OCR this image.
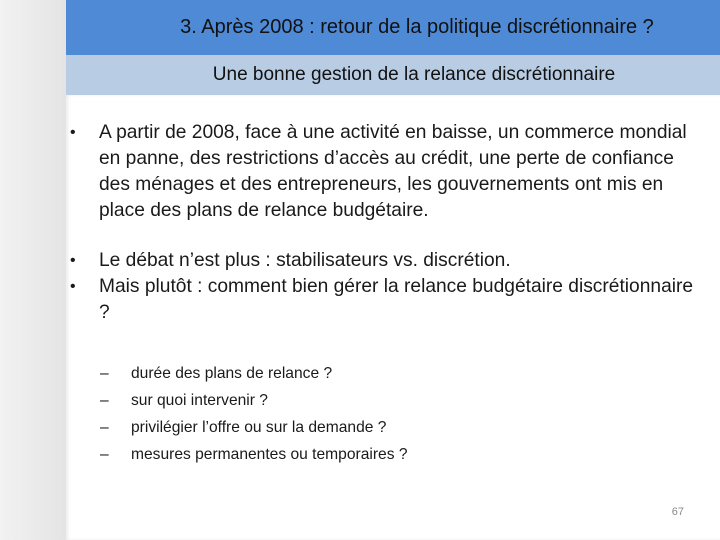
3. Après 2008 : retour de la politique discrétionnaire ?
Une bonne gestion de la relance discrétionnaire
•	A partir de 2008, face à une activité en baisse, un commerce mondial en panne, des restrictions d’accès au crédit, une perte de confiance des ménages et des entrepreneurs, les gouvernements ont mis en place des plans de relance budgétaire.
•	Le débat n’est plus : stabilisateurs vs. discrétion.
•	Mais plutôt : comment bien gérer la relance budgétaire discrétionnaire ?
– durée des plans de relance ?
– sur quoi intervenir ?
– privilégier l’offre ou sur la demande ?
– mesures permanentes ou temporaires ?
67
